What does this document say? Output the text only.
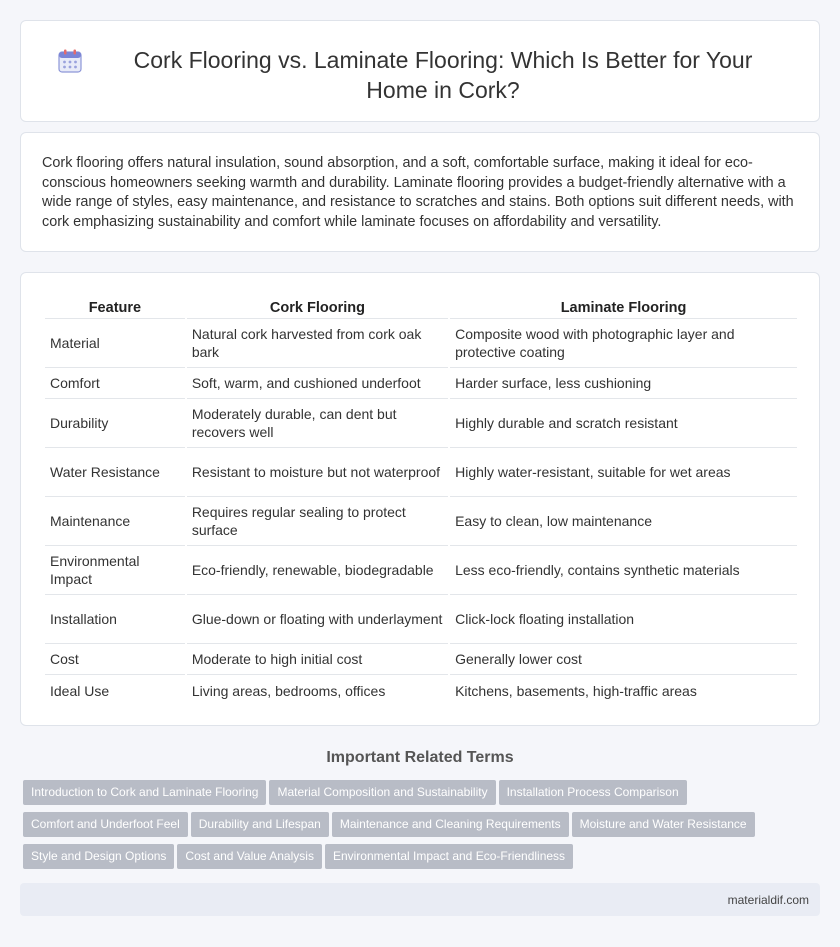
Cork Flooring vs. Laminate Flooring: Which Is Better for Your Home in Cork?

Cork flooring offers natural insulation, sound absorption, and a soft, comfortable surface, making it ideal for eco-conscious homeowners seeking warmth and durability. Laminate flooring provides a budget-friendly alternative with a wide range of styles, easy maintenance, and resistance to scratches and stains. Both options suit different needs, with cork emphasizing sustainability and comfort while laminate focuses on affordability and versatility.

Feature	Cork Flooring	Laminate Flooring
Material	Natural cork harvested from cork oak bark	Composite wood with photographic layer and protective coating
Comfort	Soft, warm, and cushioned underfoot	Harder surface, less cushioning
Durability	Moderately durable, can dent but recovers well	Highly durable and scratch resistant
Water Resistance	Resistant to moisture but not waterproof	Highly water-resistant, suitable for wet areas
Maintenance	Requires regular sealing to protect surface	Easy to clean, low maintenance
Environmental Impact	Eco-friendly, renewable, biodegradable	Less eco-friendly, contains synthetic materials
Installation	Glue-down or floating with underlayment	Click-lock floating installation
Cost	Moderate to high initial cost	Generally lower cost
Ideal Use	Living areas, bedrooms, offices	Kitchens, basements, high-traffic areas
Important Related Terms
Introduction to Cork and Laminate Flooring Material Composition and Sustainability Installation Process Comparison
Comfort and Underfoot Feel Durability and Lifespan Maintenance and Cleaning Requirements Moisture and Water Resistance
Style and Design Options Cost and Value Analysis Environmental Impact and Eco-Friendliness
materialdif.com
